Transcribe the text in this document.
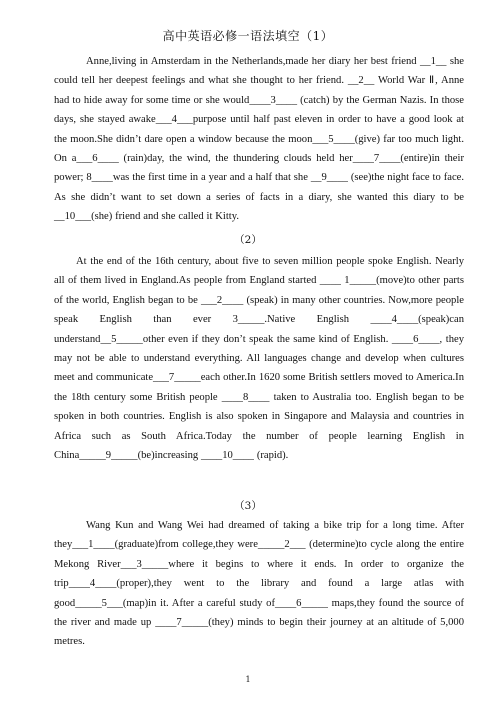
高中英语必修一语法填空（1）

Anne,living in Amsterdam in the Netherlands,made her diary her best friend __1__ she could tell her deepest feelings and what she thought to her friend. __2__ World War Ⅱ, Anne had to hide away for some time or she would____3____ (catch) by the German Nazis. In those days, she stayed awake___4___purpose until half past eleven in order to have a good look at the moon.She didn’t dare open a window because the moon___5____(give) far too much light. On a___6____ (rain)day, the wind, the thundering clouds held her____7____(entire)in their power; 8____was the first time in a year and a half that she __9____ (see)the night face to face. As she didn’t want to set down a series of facts in a diary, she wanted this diary to be __10___(she) friend and she called it Kitty.

（2）

At the end of the 16th century, about five to seven million people spoke English. Nearly all of them lived in England.As people from England started ____ 1_____(move)to other parts of the world, English began to be ___2____ (speak) in many other countries. Now,more people speak English than ever 3_____.Native English ____4____(speak)can understand__5_____other even if they don’t speak the same kind of English. ____6____, they may not be able to understand everything. All languages change and develop when cultures meet and communicate___7_____each other.In 1620 some British settlers moved to America.In the 18th century some British people ____8____ taken to Australia too. English began to be spoken in both countries. English is also spoken in Singapore and Malaysia and countries in Africa such as South Africa.Today the number of people learning English in China_____9_____(be)increasing ____10____ (rapid).

（3）

Wang Kun and Wang Wei had dreamed of taking a bike trip for a long time. After they___1____(graduate)from college,they were_____2___ (determine)to cycle along the entire Mekong River___3_____where it begins to where it ends. In order to organize the trip____4____(proper),they went to the library and found a large atlas with good_____5___(map)in it. After a careful study of____6_____ maps,they found the source of the river and made up ____7_____(they) minds to begin their journey at an altitude of 5,000 metres.

1
